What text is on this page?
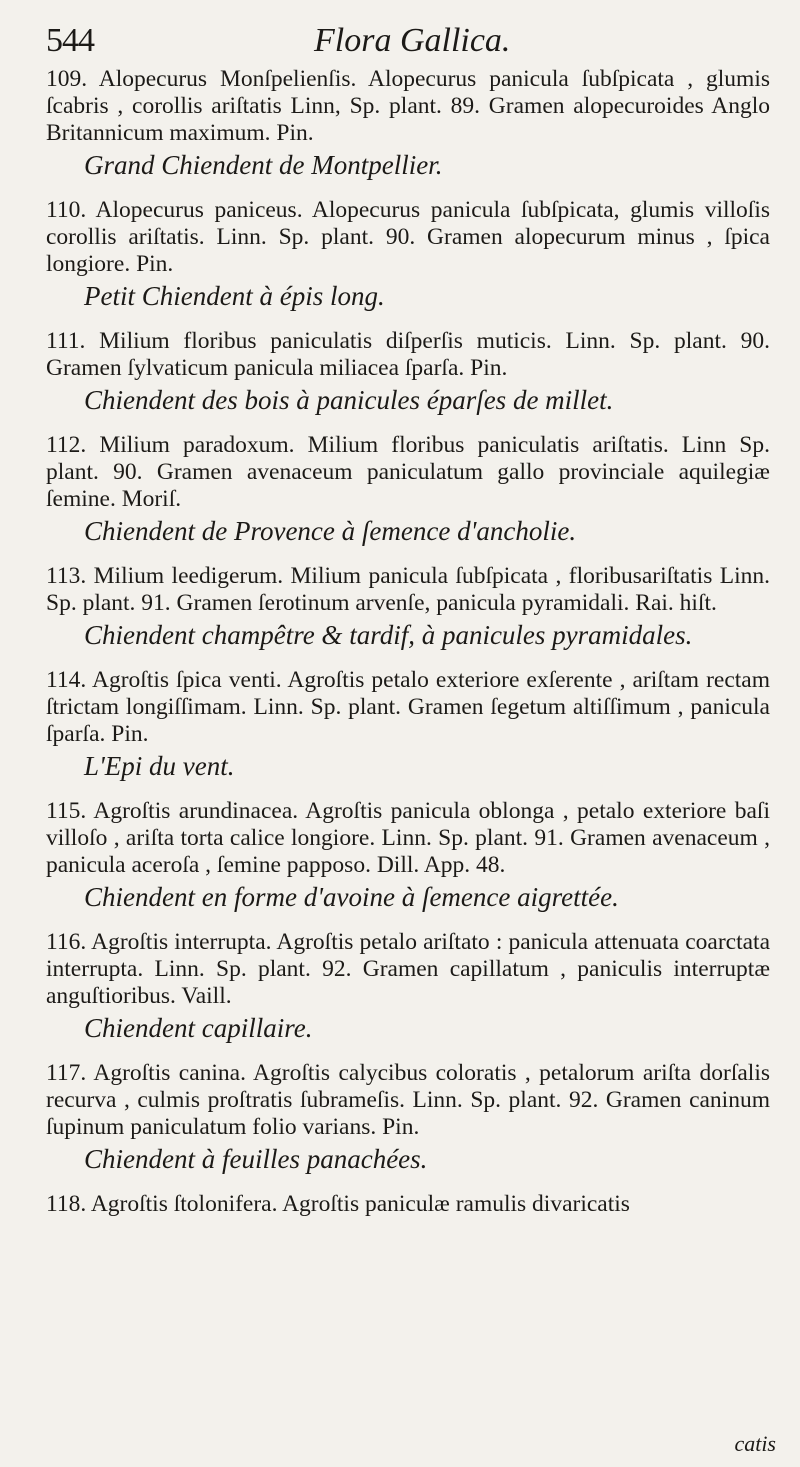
544	Flora Gallica.
109. Alopecurus Monſpelienſis. Alopecurus panicula ſubſpicata , glumis ſcabris , corollis ariſtatis Linn, Sp. plant. 89. Gramen alopecuroides Anglo Britannicum maximum. Pin.
Grand Chiendent de Montpellier.
110. Alopecurus paniceus. Alopecurus panicula ſubſpicata, glumis villoſis corollis ariſtatis. Linn. Sp. plant. 90. Gramen alopecurum minus , ſpica longiore. Pin.
Petit Chiendent à épis long.
111. Milium floribus paniculatis diſperſis muticis. Linn. Sp. plant. 90. Gramen ſylvaticum panicula miliacea ſparſa. Pin.
Chiendent des bois à panicules éparſes de millet.
112. Milium paradoxum. Milium floribus paniculatis ariſtatis. Linn Sp. plant. 90. Gramen avenaceum paniculatum gallo provinciale aquilegiæ ſemine. Moriſ.
Chiendent de Provence à ſemence d'ancholie.
113. Milium leedigerum. Milium panicula ſubſpicata , floribusariſtatis Linn. Sp. plant. 91. Gramen ſerotinum arvenſe, panicula pyramidali. Rai. hiſt.
Chiendent champêtre & tardif, à panicules pyramidales.
114. Agroſtis ſpica venti. Agroſtis petalo exteriore exſerente , ariſtam rectam ſtrictam longiſſimam. Linn. Sp. plant. Gramen ſegetum altiſſimum , panicula ſparſa. Pin.
L'Epi du vent.
115. Agroſtis arundinacea. Agroſtis panicula oblonga , petalo exteriore baſi villoſo , ariſta torta calice longiore. Linn. Sp. plant. 91. Gramen avenaceum , panicula aceroſa , ſemine papposo. Dill. App. 48.
Chiendent en forme d'avoine à ſemence aigrettée.
116. Agroſtis interrupta. Agroſtis petalo ariſtato : panicula attenuata coarctata interrupta. Linn. Sp. plant. 92. Gramen capillatum , paniculis interruptæ anguſtioribus. Vaill.
Chiendent capillaire.
117. Agroſtis canina. Agroſtis calycibus coloratis , petalorum ariſta dorſalis recurva , culmis proſtratis ſubrameſis. Linn. Sp. plant. 92. Gramen caninum ſupinum paniculatum folio varians. Pin.
Chiendent à feuilles panachées.
118. Agroſtis ſtolonifera. Agroſtis paniculæ ramulis divaricatis
catis
